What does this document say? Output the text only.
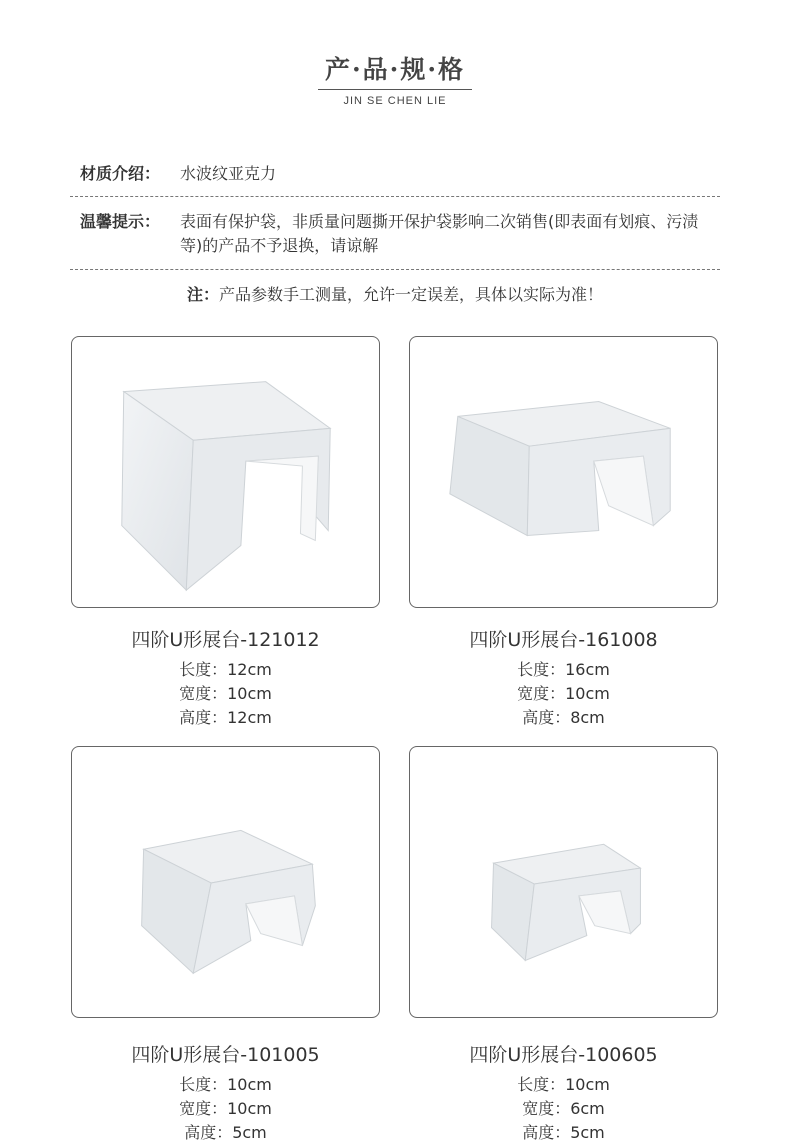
产·品·规·格
JIN SE CHEN LIE
材质介绍： 水波纹亚克力
温馨提示： 表面有保护袋，非质量问题撕开保护袋影响二次销售(即表面有划痕、污渍等)的产品不予退换，请谅解
注：产品参数手工测量，允许一定误差，具体以实际为准！
四阶U形展台-121012
长度：12cm
宽度：10cm
高度：12cm
四阶U形展台-161008
长度：16cm
宽度：10cm
高度：8cm
四阶U形展台-101005
长度：10cm
宽度：10cm
高度：5cm
四阶U形展台-100605
长度：10cm
宽度：6cm
高度：5cm
